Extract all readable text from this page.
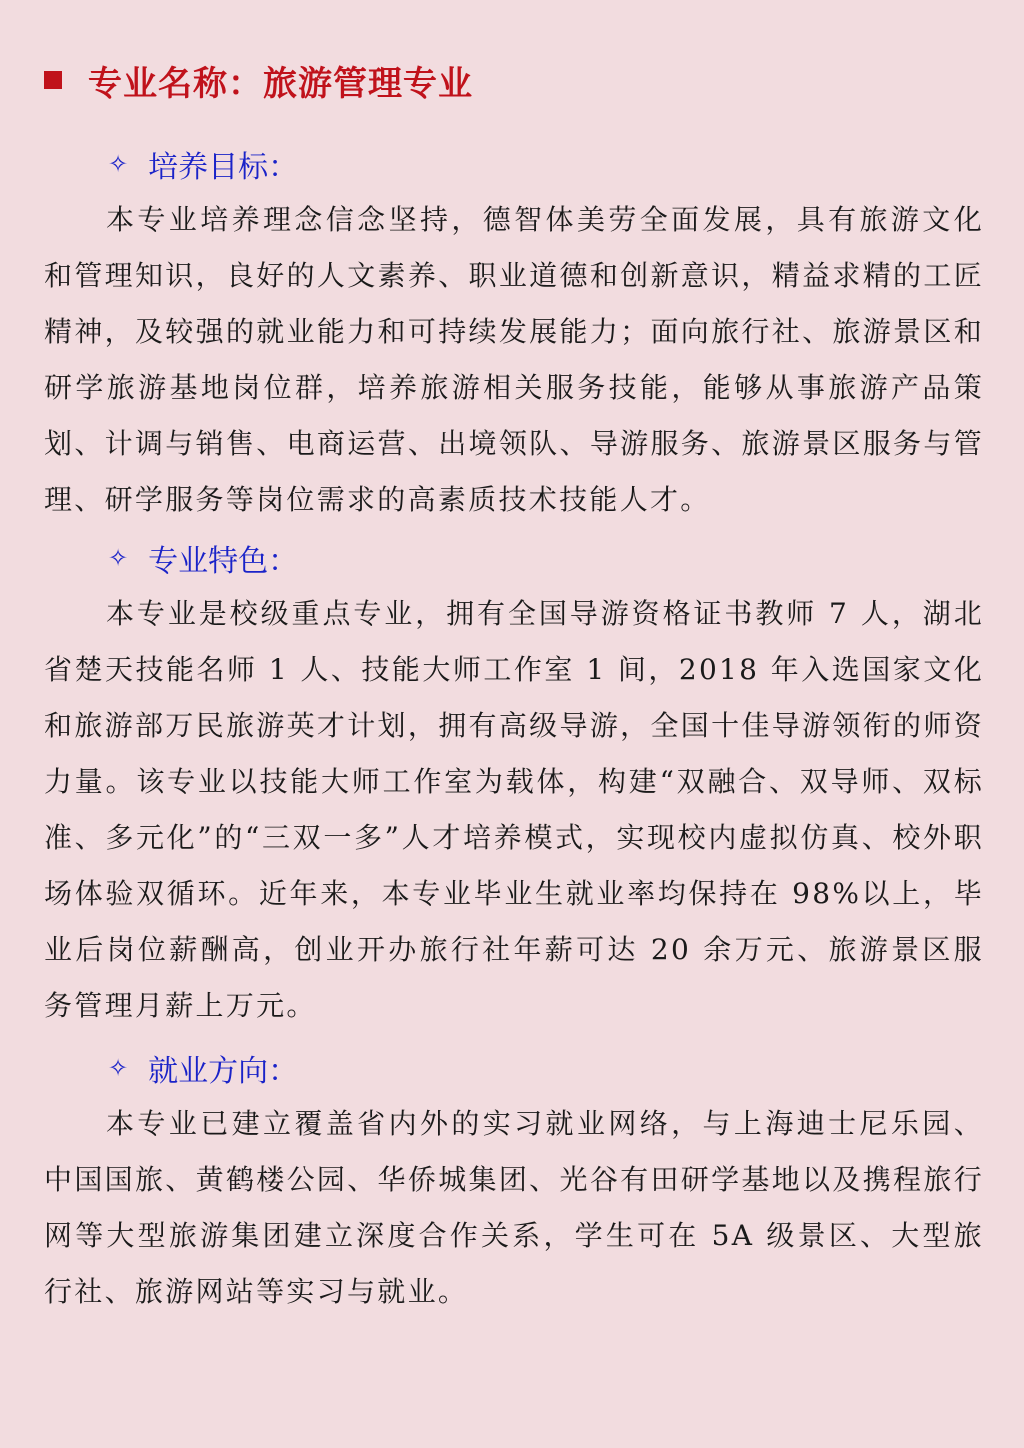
专业名称：旅游管理专业
✧ 培养目标：

本专业培养理念信念坚持，德智体美劳全面发展，具有旅游文化和管理知识，良好的人文素养、职业道德和创新意识，精益求精的工匠精神，及较强的就业能力和可持续发展能力；面向旅行社、旅游景区和研学旅游基地岗位群，培养旅游相关服务技能，能够从事旅游产品策划、计调与销售、电商运营、出境领队、导游服务、旅游景区服务与管理、研学服务等岗位需求的高素质技术技能人才。

✧ 专业特色：

本专业是校级重点专业，拥有全国导游资格证书教师 7 人，湖北省楚天技能名师 1 人、技能大师工作室 1 间，2018 年入选国家文化和旅游部万民旅游英才计划，拥有高级导游，全国十佳导游领衔的师资力量。该专业以技能大师工作室为载体，构建“双融合、双导师、双标准、多元化”的“三双一多”人才培养模式，实现校内虚拟仿真、校外职场体验双循环。近年来，本专业毕业生就业率均保持在 98%以上，毕业后岗位薪酬高，创业开办旅行社年薪可达 20 余万元、旅游景区服务管理月薪上万元。

✧ 就业方向：

本专业已建立覆盖省内外的实习就业网络，与上海迪士尼乐园、中国国旅、黄鹤楼公园、华侨城集团、光谷有田研学基地以及携程旅行网等大型旅游集团建立深度合作关系，学生可在 5A 级景区、大型旅行社、旅游网站等实习与就业。
